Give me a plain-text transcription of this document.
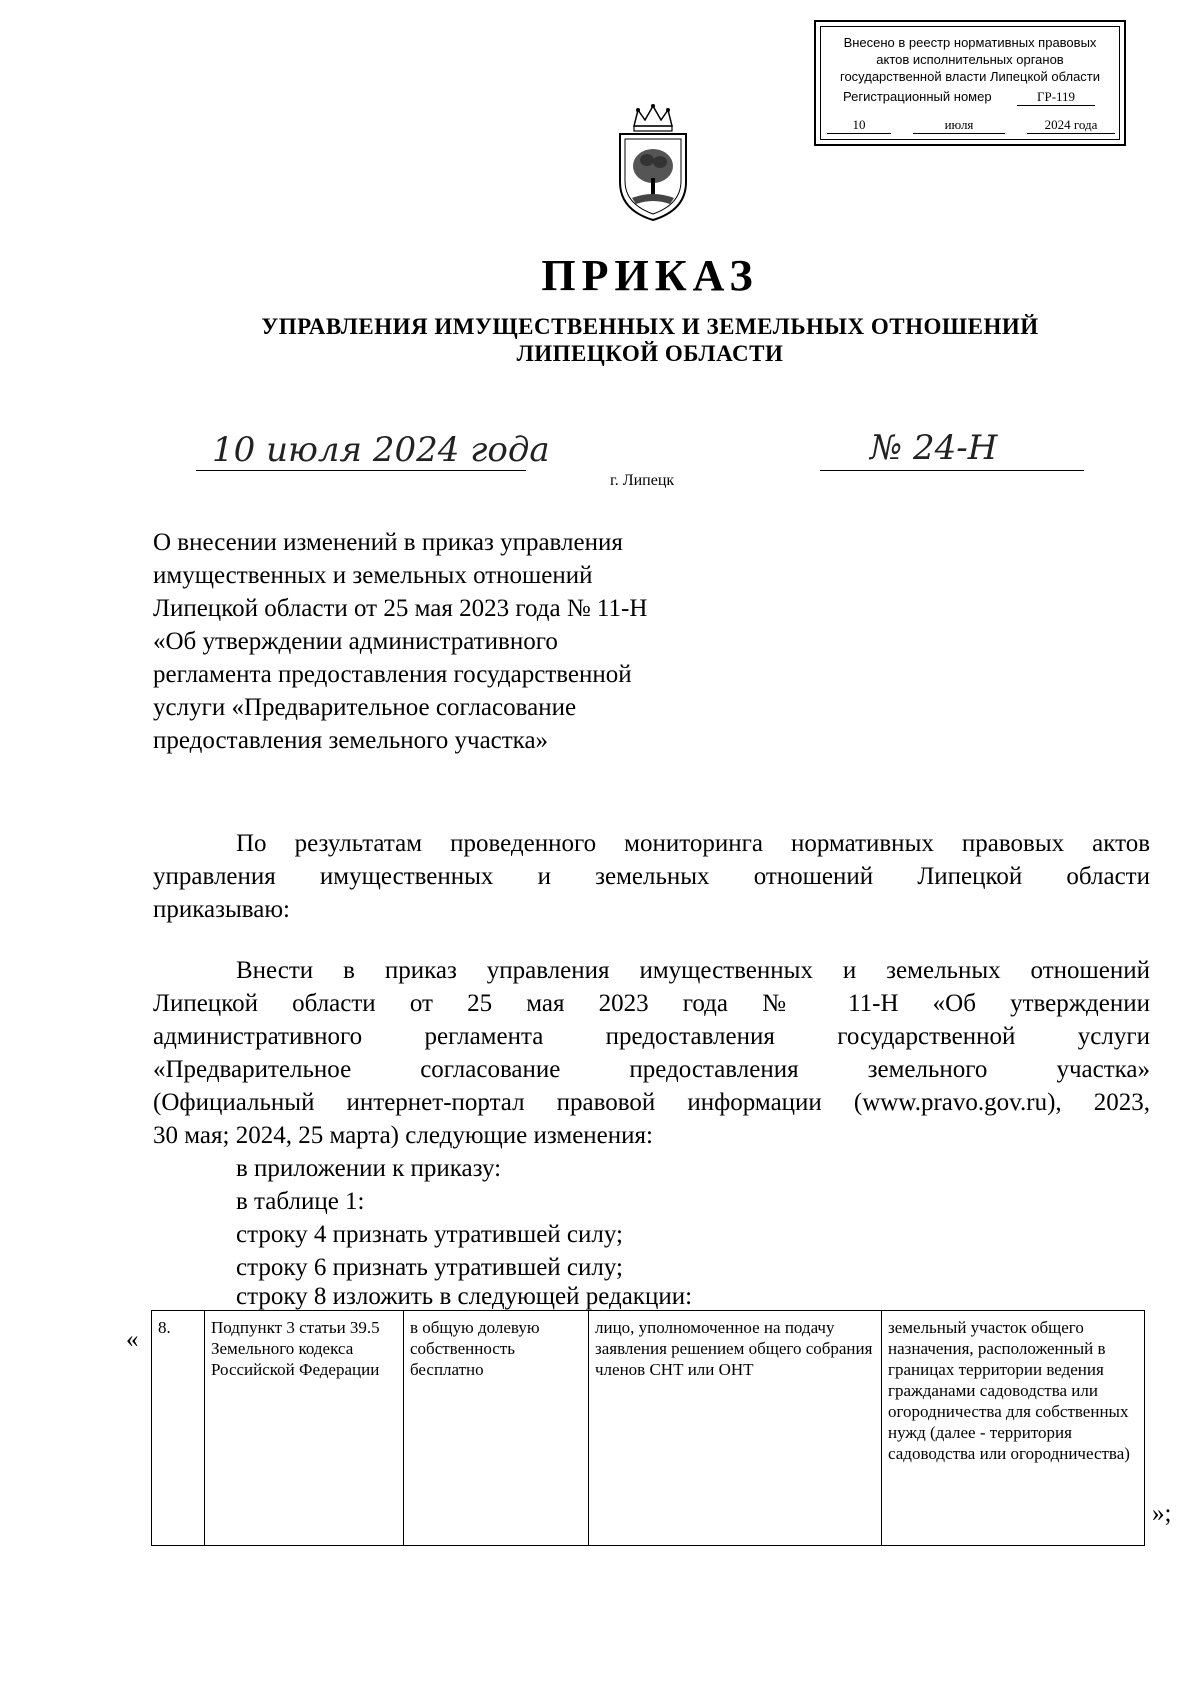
Внесено в реестр нормативных правовых
актов исполнительных органов
государственной власти Липецкой области
Регистрационный номер	ГР-119
10	июля	2024 года
ПРИКАЗ
УПРАВЛЕНИЯ ИМУЩЕСТВЕННЫХ И ЗЕМЕЛЬНЫХ ОТНОШЕНИЙ
ЛИПЕЦКОЙ ОБЛАСТИ
10 июля 2024 года	№ 24-Н
г. Липецк
О внесении изменений в приказ управления
имущественных и земельных отношений
Липецкой области от 25 мая 2023 года № 11-Н
«Об утверждении административного
регламента предоставления государственной
услуги «Предварительное согласование
предоставления земельного участка»
По результатам проведенного мониторинга нормативных правовых актов
управления имущественных и земельных отношений Липецкой области
приказываю:
Внести в приказ управления имущественных и земельных отношений
Липецкой области от 25 мая 2023 года № 11-Н «Об утверждении
административного регламента предоставления государственной услуги
«Предварительное согласование предоставления земельного участка»
(Официальный интернет-портал правовой информации (www.pravo.gov.ru), 2023,
30 мая; 2024, 25 марта) следующие изменения:
в приложении к приказу:
в таблице 1:
строку 4 признать утратившей силу;
строку 6 признать утратившей силу;
строку 8 изложить в следующей редакции:
« 8.	Подпункт 3 статьи 39.5 Земельного кодекса Российской Федерации	в общую долевую собственность бесплатно	лицо, уполномоченное на подачу заявления решением общего собрания членов СНТ или ОНТ	земельный участок общего назначения, расположенный в границах территории ведения гражданами садоводства или огородничества для собственных нужд (далее - территория садоводства или огородничества)
»;
